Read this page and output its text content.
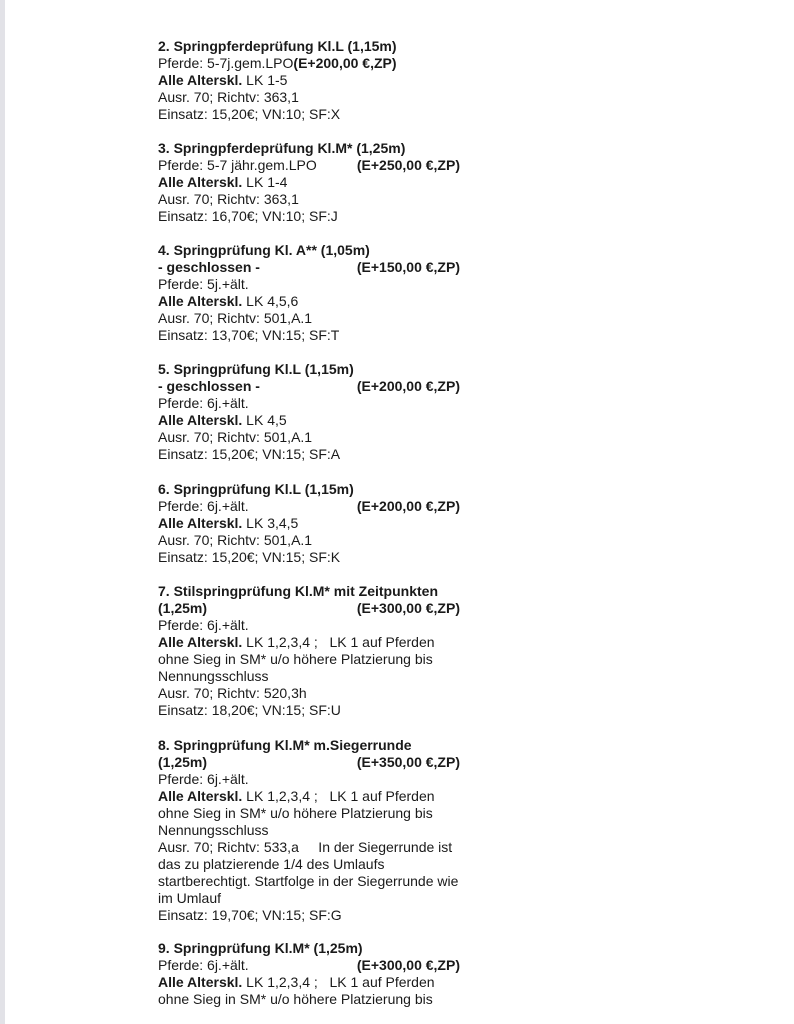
2. Springpferdeprüfung Kl.L (1,15m)
Pferde: 5-7j.gem.LPO (E+200,00 €,ZP)
Alle Alterskl. LK 1-5
Ausr. 70; Richtv: 363,1
Einsatz: 15,20€; VN:10; SF:X
3. Springpferdeprüfung Kl.M* (1,25m)
Pferde: 5-7 jähr.gem.LPO	(E+250,00 €,ZP)
Alle Alterskl. LK 1-4
Ausr. 70; Richtv: 363,1
Einsatz: 16,70€; VN:10; SF:J
4. Springprüfung Kl. A** (1,05m)
- geschlossen -	(E+150,00 €,ZP)
Pferde: 5j.+ält.
Alle Alterskl. LK 4,5,6
Ausr. 70; Richtv: 501,A.1
Einsatz: 13,70€; VN:15; SF:T
5. Springprüfung Kl.L (1,15m)
- geschlossen -	(E+200,00 €,ZP)
Pferde: 6j.+ält.
Alle Alterskl. LK 4,5
Ausr. 70; Richtv: 501,A.1
Einsatz: 15,20€; VN:15; SF:A
6. Springprüfung Kl.L (1,15m)
Pferde: 6j.+ält.	(E+200,00 €,ZP)
Alle Alterskl. LK 3,4,5
Ausr. 70; Richtv: 501,A.1
Einsatz: 15,20€; VN:15; SF:K
7. Stilspringprüfung Kl.M* mit Zeitpunkten
(1,25m)	(E+300,00 €,ZP)
Pferde: 6j.+ält.
Alle Alterskl. LK 1,2,3,4 ;   LK 1 auf Pferden ohne Sieg in SM* u/o höhere Platzierung bis Nennungsschluss
Ausr. 70; Richtv: 520,3h
Einsatz: 18,20€; VN:15; SF:U
8. Springprüfung Kl.M* m.Siegerrunde
(1,25m)	(E+350,00 €,ZP)
Pferde: 6j.+ält.
Alle Alterskl. LK 1,2,3,4 ;   LK 1 auf Pferden ohne Sieg in SM* u/o höhere Platzierung bis Nennungsschluss
Ausr. 70; Richtv: 533,a     In der Siegerrunde ist das zu platzierende 1/4 des Umlaufs startberechtigt. Startfolge in der Siegerrunde wie im Umlauf
Einsatz: 19,70€; VN:15; SF:G
9. Springprüfung Kl.M* (1,25m)
Pferde: 6j.+ält.	(E+300,00 €,ZP)
Alle Alterskl. LK 1,2,3,4 ;   LK 1 auf Pferden ohne Sieg in SM* u/o höhere Platzierung bis
